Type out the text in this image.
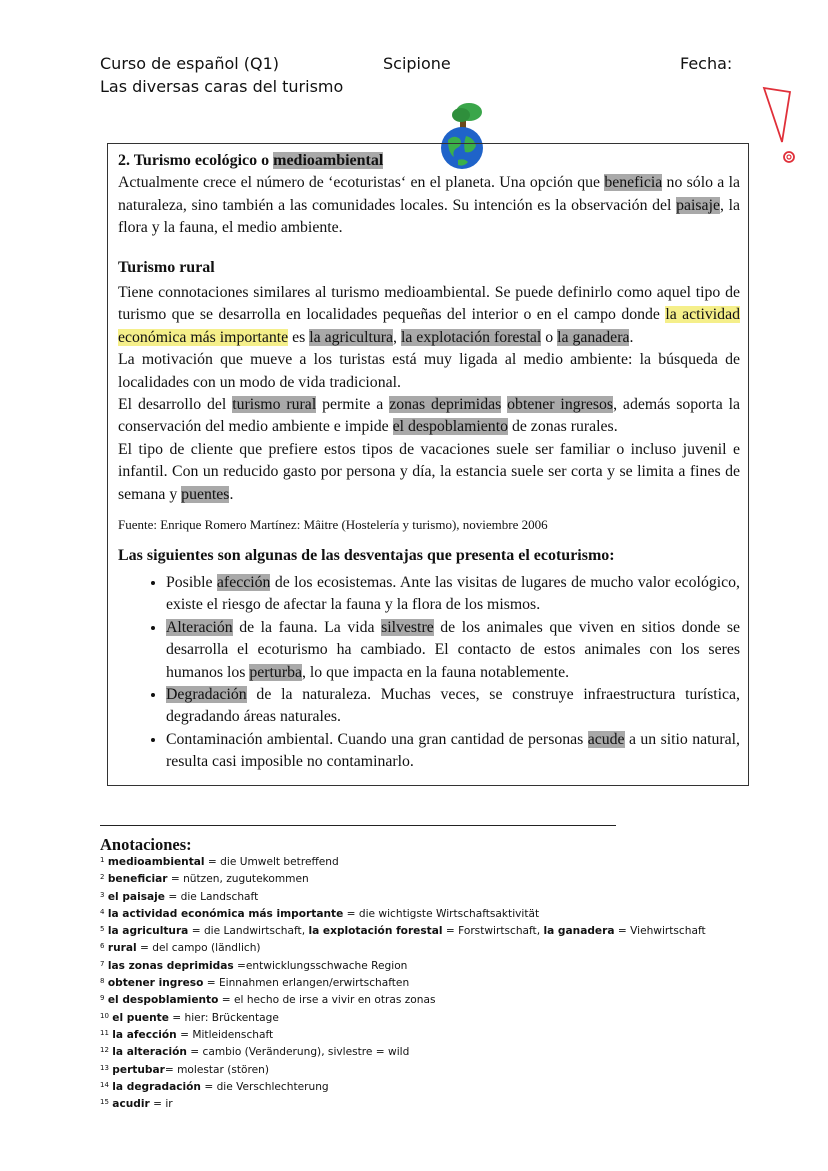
Curso de español (Q1)	Scipione	Fecha:
Las diversas caras del turismo

2. Turismo ecológico o medioambiental

Actualmente crece el número de ‘ecoturistas‘ en el planeta. Una opción que beneficia no sólo a la naturaleza, sino también a las comunidades locales. Su intención es la observación del paisaje, la flora y la fauna, el medio ambiente.

Turismo rural

Tiene connotaciones similares al turismo medioambiental. Se puede definirlo como aquel tipo de turismo que se desarrolla en localidades pequeñas del interior o en el campo donde la actividad económica más importante es la agricultura, la explotación forestal o la ganadera.

La motivación que mueve a los turistas está muy ligada al medio ambiente: la búsqueda de localidades con un modo de vida tradicional.

El desarrollo del turismo rural permite a zonas deprimidas obtener ingresos, además soporta la conservación del medio ambiente e impide el despoblamiento de zonas rurales.

El tipo de cliente que prefiere estos tipos de vacaciones suele ser familiar o incluso juvenil e infantil. Con un reducido gasto por persona y día, la estancia suele ser corta y se limita a fines de semana y puentes.

Fuente: Enrique Romero Martínez: Mâitre (Hostelería y turismo), noviembre 2006

Las siguientes son algunas de las desventajas que presenta el ecoturismo:

• Posible afección de los ecosistemas. Ante las visitas de lugares de mucho valor ecológico, existe el riesgo de afectar la fauna y la flora de los mismos.
• Alteración de la fauna. La vida silvestre de los animales que viven en sitios donde se desarrolla el ecoturismo ha cambiado. El contacto de estos animales con los seres humanos los perturba, lo que impacta en la fauna notablemente.
• Degradación de la naturaleza. Muchas veces, se construye infraestructura turística, degradando áreas naturales.
• Contaminación ambiental. Cuando una gran cantidad de personas acude a un sitio natural, resulta casi imposible no contaminarlo.
Anotaciones:
$^1$ medioambiental = die Umwelt betreffend
$^2$ beneficiar = nützen, zugutekommen
$^3$ el paisaje = die Landschaft
$^4$ la actividad económica más importante = die wichtigste Wirtschaftsaktivität
$^5$ la agricultura = die Landwirtschaft, la explotación forestal = Forstwirtschaft, la ganadera = Viehwirtschaft
$^6$ rural = del campo (ländlich)
$^7$ las zonas deprimidas =entwicklungsschwache Region
$^8$ obtener ingreso = Einnahmen erlangen/erwirtschaften
$^9$ el despoblamiento = el hecho de irse a vivir en otras zonas
$^{10}$ el puente = hier: Brückentage
$^{11}$ la afección = Mitleidenschaft
$^{12}$ la alteración = cambio (Veränderung), sivlestre = wild
$^{13}$ pertubar= molestar (stören)
$^{14}$ la degradación = die Verschlechterung
$^{15}$ acudir = ir
